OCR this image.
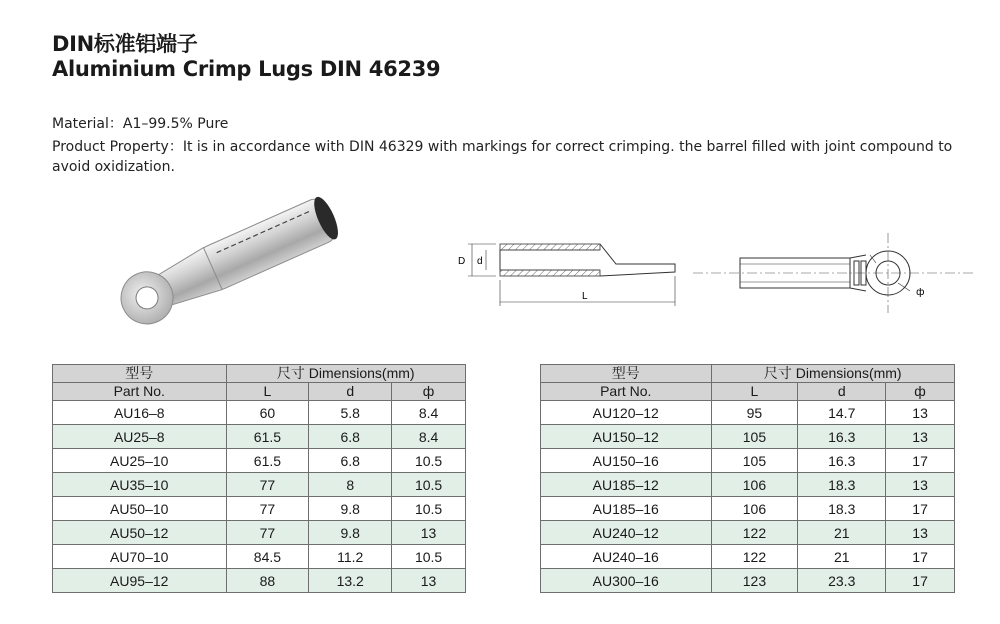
DIN标准铝端子
Aluminium Crimp Lugs DIN 46239
Material：A1–99.5% Pure
Product Property：It is in accordance with DIN 46329 with markings for correct crimping. the barrel filled with joint compound to avoid oxidization.
D d
L	ф
型号	尺寸 Dimensions(mm)		
Part No.	L	d	ф
AU16–8	60	5.8	8.4
AU25–8	61.5	6.8	8.4
AU25–10	61.5	6.8	10.5
AU35–10	77	8	10.5
AU50–10	77	9.8	10.5
AU50–12	77	9.8	13
AU70–10	84.5	11.2	10.5
AU95–12	88	13.2	13
型号	尺寸 Dimensions(mm)		
Part No.	L	d	ф
AU120–12	95	14.7	13
AU150–12	105	16.3	13
AU150–16	105	16.3	17
AU185–12	106	18.3	13
AU185–16	106	18.3	17
AU240–12	122	21	13
AU240–16	122	21	17
AU300–16	123	23.3	17
